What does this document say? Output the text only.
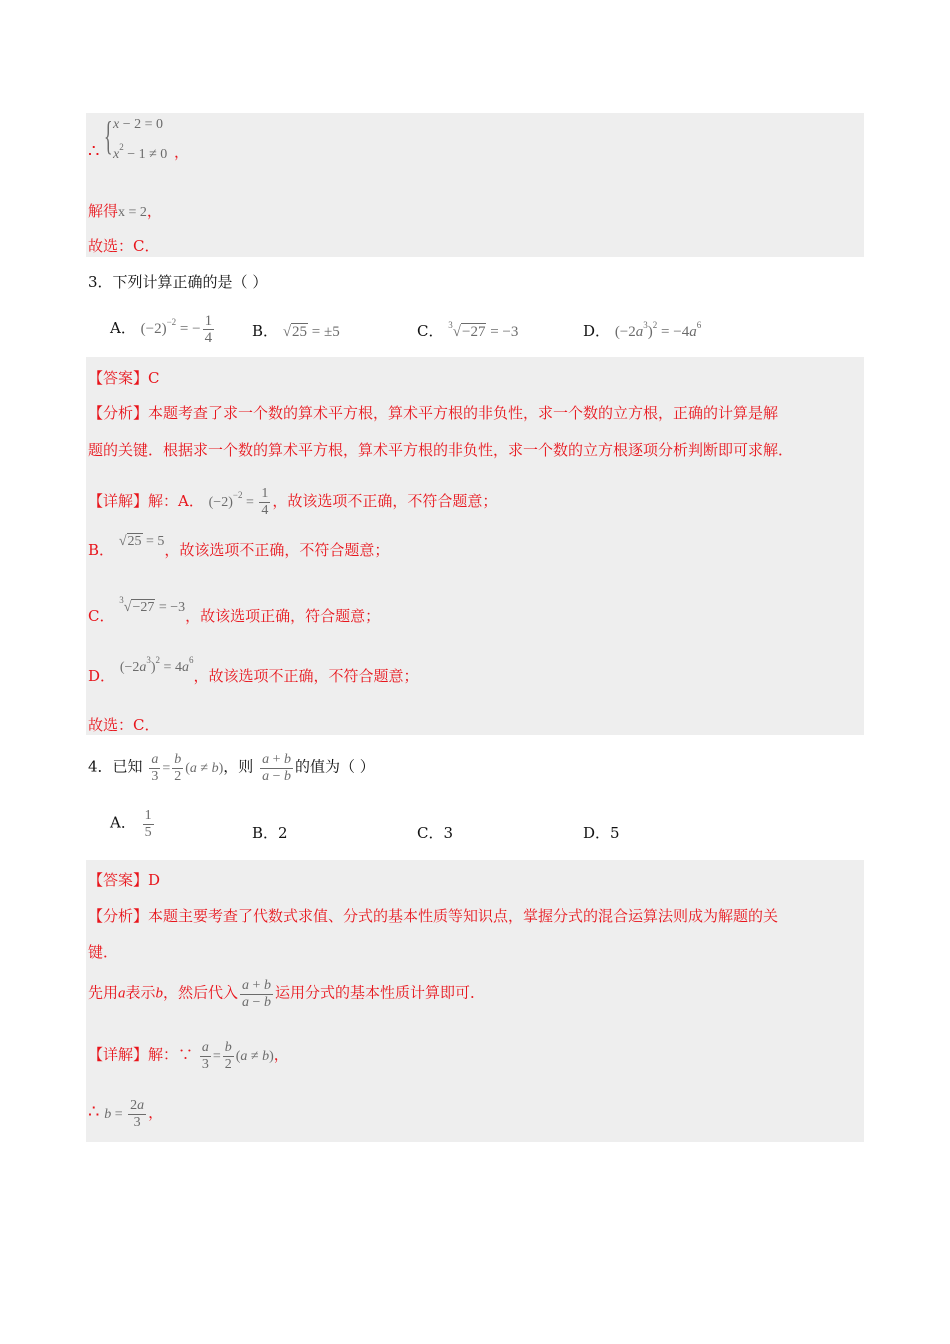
{ x − 2 = 0
$x^2 - 1 \ne 0$
∴	，
解得x = 2，
故选：C．
3．下列计算正确的是（ ）
A． $(-2)^{-2}$ = − $\frac{1}{4}$	B． √25 = ±5	C． $^3$√−27 = −3	D． $(-2a^3)^2 = -4a^6$
【答案】C
【分析】本题考查了求一个数的算术平方根，算术平方根的非负性，求一个数的立方根，正确的计算是解
题的关键．根据求一个数的算术平方根，算术平方根的非负性，求一个数的立方根逐项分析判断即可求解．
【详解】解：A． $(-2)^{-2} = \frac{1}{4}$ ，故该选项不正确，不符合题意；
B． √25 = 5，故该选项不正确，不符合题意；
C． $^3$√−27 = −3，故该选项正确，符合题意；
D． $(-2a^3)^2 = 4a^6$，故该选项不正确，不符合题意；
故选：C．
4．已知 $\frac{a}{3} = \frac{b}{2} (a \ne b)$，则 $\frac{a + b}{a - b}$ 的值为（ ）
A． $\frac{1}{5}$	B．2	C．3	D．5
【答案】D
【分析】本题主要考查了代数式求值、分式的基本性质等知识点，掌握分式的混合运算法则成为解题的关
键．
先用a表示b，然后代入 $\frac{a + b}{a - b}$ 运用分式的基本性质计算即可．
【详解】解：∵ $\frac{a}{3} = \frac{b}{2} (a \ne b)$，
∴ $b = \frac{2a}{3}$ ，
